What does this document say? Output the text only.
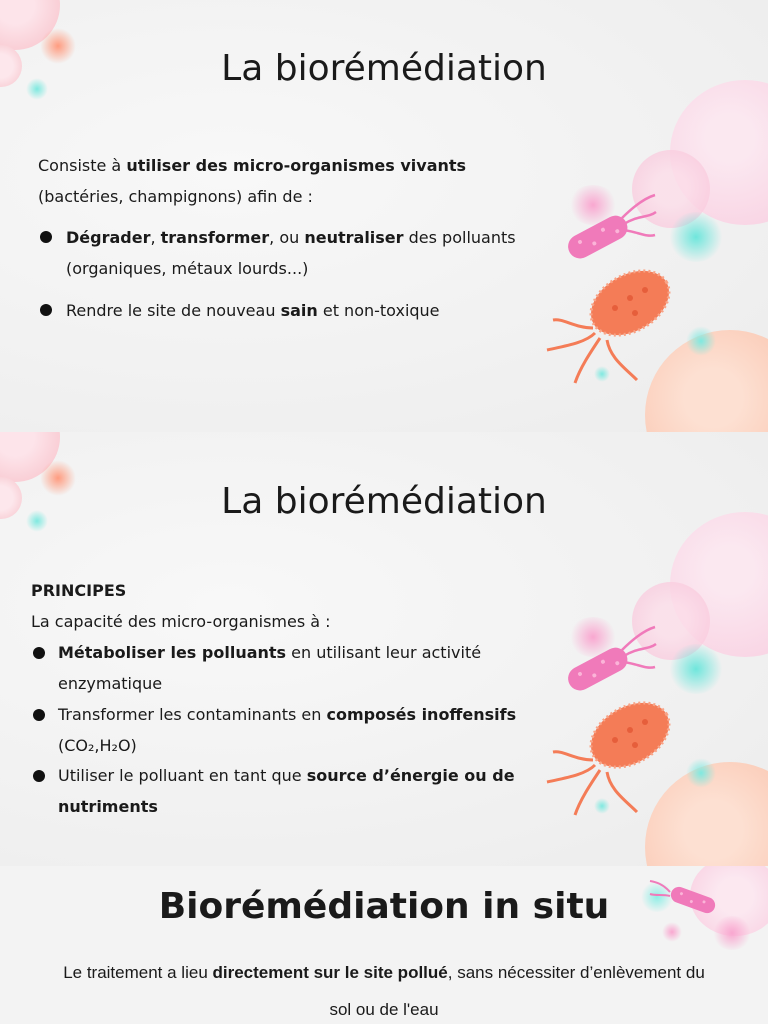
La biorémédiation

Consiste à utiliser des micro-organismes vivants
(bactéries, champignons) afin de :

Dégrader, transformer, ou neutraliser des polluants
(organiques, métaux lourds...)

Rendre le site de nouveau sain et non-toxique

La biorémédiation

PRINCIPES

La capacité des micro-organismes à :

Métaboliser les polluants en utilisant leur activité
enzymatique

Transformer les contaminants en composés inoffensifs
(CO₂,H₂O)

Utiliser le polluant en tant que source d’énergie ou de
nutriments

Biorémédiation in situ

Le traitement a lieu directement sur le site pollué, sans nécessiter d’enlèvement du
sol ou de l'eau
